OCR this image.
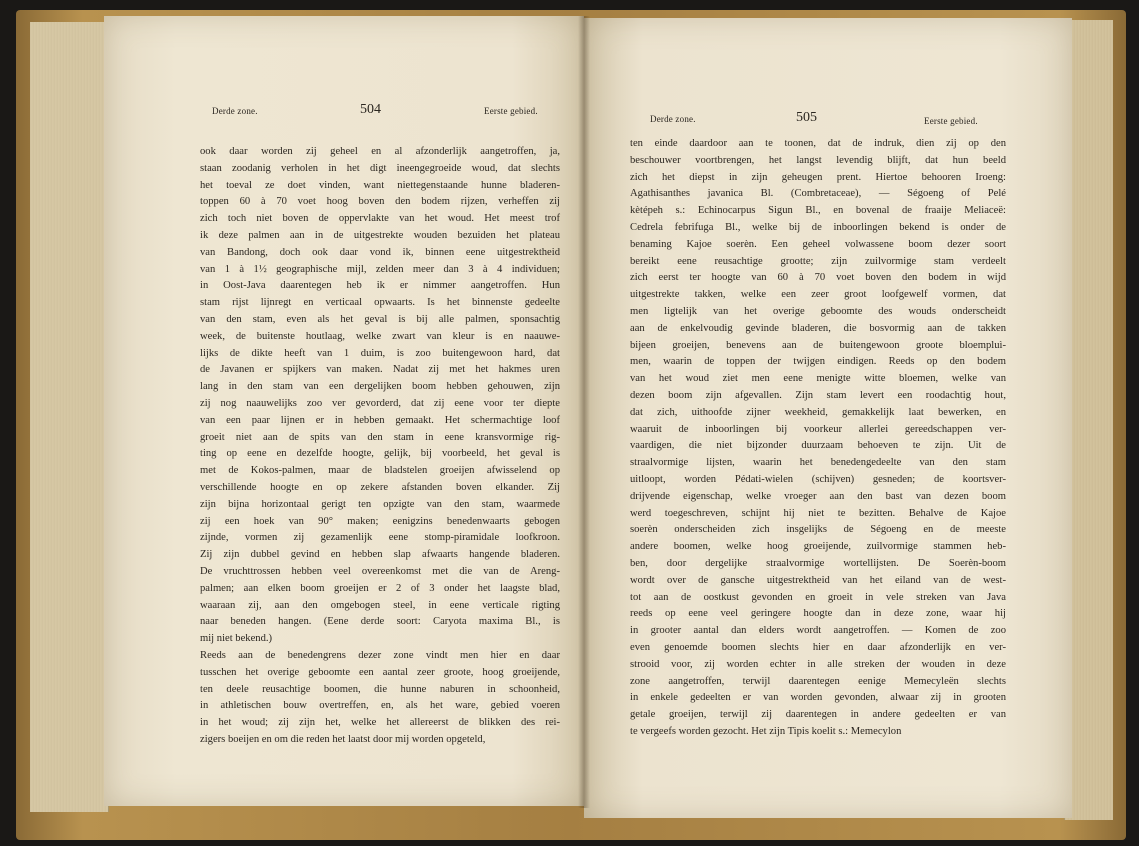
Derde zone.	504	Eerste gebied.
ook daar worden zij geheel en al afzonderlijk aangetroffen, ja,
staan zoodanig verholen in het digt inеengegroeide woud, dat slechts
het toeval ze doet vinden, want niettegenstaande hunne bladeren-
toppen 60 à 70 voet hoog boven den bodem rijzen, verheffen zij
zich toch niet boven de oppervlakte van het woud. Het meest trof
ik deze palmen aan in de uitgestrekte wouden bezuiden het plateau
van Bandong, doch ook daar vond ik, binnen eene uitgestrektheid
van 1 à 1½ geographische mijl, zelden meer dan 3 à 4 individuen;
in Oost-Java daarentegen heb ik er nimmer aangetroffen. Hun
stam rijst lijnregt en verticaal opwaarts. Is het binnenste gedeelte
van den stam, even als het geval is bij alle palmen, sponsachtig
week, de buitenste houtlaag, welke zwart van kleur is en naauwe-
lijks de dikte heeft van 1 duim, is zoo buitengewoon hard, dat
de Javanen er spijkers van maken. Nadat zij met het hakmes uren
lang in den stam van een dergelijken boom hebben gehouwen, zijn
zij nog naauwelijks zoo ver gevorderd, dat zij eene voor ter diepte
van een paar lijnen er in hebben gemaakt. Het schermachtige loof
groeit niet aan de spits van den stam in eene kransvormige rig-
ting op eene en dezelfde hoogte, gelijk, bij voorbeeld, het geval is
met de Kokos-palmen, maar de bladstelen groeijen afwisselend op
verschillende hoogte en op zekere afstanden boven elkander. Zij
zijn bijna horizontaal gerigt ten opzigte van den stam, waarmede
zij een hoek van 90° maken; eenigzins benedenwaarts gebogen
zijnde, vormen zij gezamenlijk eene stomp-piramidale loofkroon.
Zij zijn dubbel gevind en hebben slap afwaarts hangende bladeren.
De vruchttrossen hebben veel overeenkomst met die van de Areng-
palmen; aan elken boom groeijen er 2 of 3 onder het laagste blad,
waaraan zij, aan den omgebogen steel, in eene verticale rigting
naar beneden hangen. (Eene derde soort: Caryota maxima Bl., is
mij niet bekend.)
Reeds aan de benedengrens dezer zone vindt men hier en daar
tusschen het overige geboomte een aantal zeer groote, hoog groeijende,
ten deele reusachtige boomen, die hunne naburen in schoonheid,
in athletischen bouw overtreffen, en, als het ware, gebied voeren
in het woud; zij zijn het, welke het allereerst de blikken des rei-
zigers boeijen en om die reden het laatst door mij worden opgeteld,
Derde zone.	505	Eerste gebied.
ten einde daardoor aan te toonen, dat de indruk, dien zij op den
beschouwer voortbrengen, het langst levendig blijft, dat hun beeld
zich het diepst in zijn geheugen prent. Hiertoe behooren Iroeng:
Agathisanthes javanica Bl. (Combretaceae), — Ségoeng of Pelé
kètépeh s.: Echinocarpus Sigun Bl., en bovenal de fraaije Meliaceë:
Cedrela febrifuga Bl., welke bij de inboorlingen bekend is onder de
benaming Kajoe soerèn. Een geheel volwassene boom dezer soort
bereikt eene reusachtige grootte; zijn zuilvormige stam verdeelt
zich eerst ter hoogte van 60 à 70 voet boven den bodem in wijd
uitgestrekte takken, welke een zeer groot loofgewelf vormen, dat
men ligtelijk van het overige geboomte des wouds onderscheidt
aan de enkelvoudig gevinde bladeren, die bosvormig aan de takken
bijeen groeijen, benevens aan de buitengewoon groote bloempluì-
men, waarin de toppen der twijgen eindigen. Reeds op den bodem
van het woud ziet men eene menigte witte bloemen, welke van
dezen boom zijn afgevallen. Zijn stam levert een roodachtig hout,
dat zich, uithoofde zijner weekheid, gemakkelijk laat bewerken, en
waaruit de inboorlingen bij voorkeur allerlei gereedschappen ver-
vaardigen, die niet bijzonder duurzaam behoeven te zijn. Uit de
straalvormige lijsten, waarin het benedengedeelte van den stam
uitloopt, worden Pédati-wielen (schijven) gesneden; de koortsver-
drijvende eigenschap, welke vroeger aan den bast van dezen boom
werd toegeschreven, schijnt hij niet te bezitten. Behalve de Kajoe
soerèn onderscheiden zich insgelijks de Ségoeng en de meeste
andere boomen, welke hoog groeijende, zuilvormige stammen heb-
ben, door dergelijke straalvormige wortellijsten. De Soerèn-boom
wordt over de gansche uitgestrektheid van het eiland van de west-
tot aan de oostkust gevonden en groeit in vele streken van Java
reeds op eene veel geringere hoogte dan in deze zone, waar hij
in grooter aantal dan elders wordt aangetroffen. — Komen de zoo
even genoemde boomen slechts hier en daar afzonderlijk en ver-
strooid voor, zij worden echter in alle streken der wouden in deze
zone aangetroffen, terwijl daarentegen eenige Memecyleën slechts
in enkele gedeelten er van worden gevonden, alwaar zij in grooten
getale groeijen, terwijl zij daarentegen in andere gedeelten er van
te vergeefs worden gezocht. Het zijn Tipis koelit s.: Memecylon
